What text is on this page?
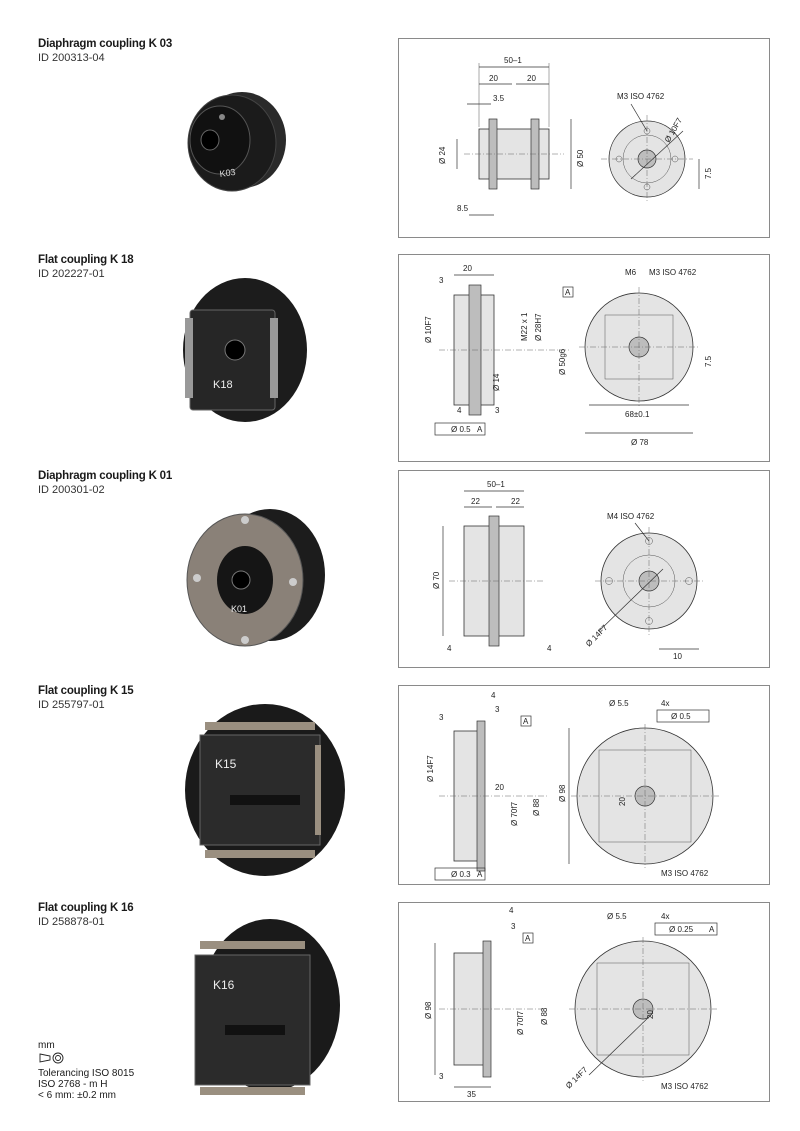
Diaphragm coupling K 03
ID 200313-04
K03
50–1
20	20
3.5
Ø 24	Ø 50
8.5
M3 ISO 4762
Ø 10F7
7.5
Flat coupling K 18
ID 202227-01
K18
20
3
Ø 10F7	M22 x 1 Ø 28H7
Ø 50g6
Ø 14
A
4	3
Ø 0.5 A
M6 M3 ISO 4762
7.5
68±0.1
Ø 78
Diaphragm coupling K 01
ID 200301-02
K01
50–1
22	22
Ø 70
4	4
M4 ISO 4762
Ø 14F7
10
Flat coupling K 15
ID 255797-01
K15
4
3
3
A
Ø 14F7
Ø 70f7 Ø 88
20
Ø 0.3 A
Ø 5.5	4x
Ø 0.5
Ø 98	20
M3 ISO 4762
Flat coupling K 16
ID 258878-01
K16
4
3
A
Ø 98
Ø 70f7 Ø 88
3
35
Ø 5.5	4x
Ø 0.25 A
20
Ø 14F7	M3 ISO 4762
mm
Tolerancing ISO 8015
ISO 2768 - m H
< 6 mm: ±0.2 mm
